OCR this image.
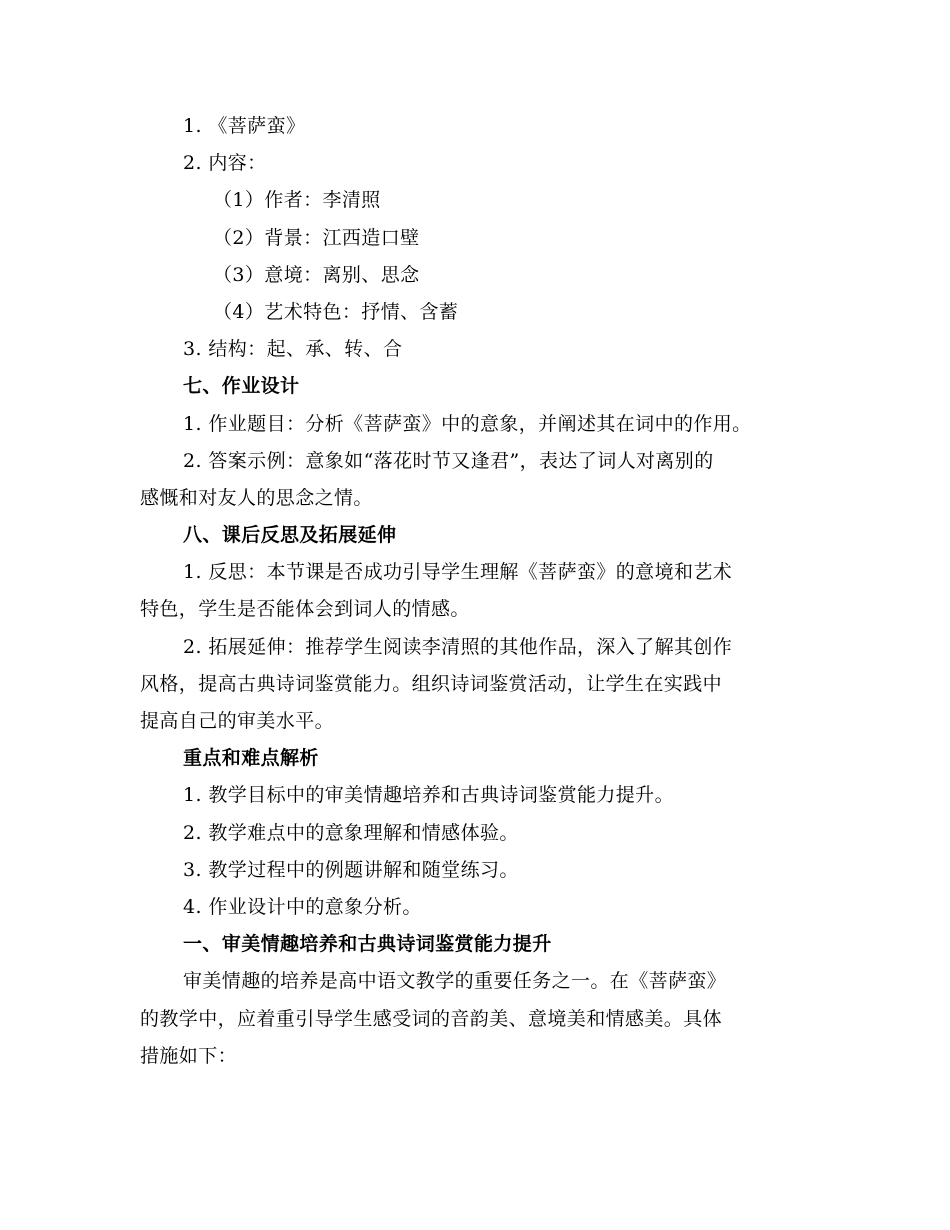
1. 《菩萨蛮》
2. 内容：
（1）作者：李清照
（2）背景：江西造口壁
（3）意境：离别、思念
（4）艺术特色：抒情、含蓄
3. 结构：起、承、转、合
七、作业设计
1. 作业题目：分析《菩萨蛮》中的意象，并阐述其在词中的作用。
2. 答案示例：意象如“落花时节又逢君”，表达了词人对离别的
感慨和对友人的思念之情。
八、课后反思及拓展延伸
1. 反思：本节课是否成功引导学生理解《菩萨蛮》的意境和艺术
特色，学生是否能体会到词人的情感。
2. 拓展延伸：推荐学生阅读李清照的其他作品，深入了解其创作
风格，提高古典诗词鉴赏能力。组织诗词鉴赏活动，让学生在实践中
提高自己的审美水平。
重点和难点解析
1. 教学目标中的审美情趣培养和古典诗词鉴赏能力提升。
2. 教学难点中的意象理解和情感体验。
3. 教学过程中的例题讲解和随堂练习。
4. 作业设计中的意象分析。
一、审美情趣培养和古典诗词鉴赏能力提升
审美情趣的培养是高中语文教学的重要任务之一。在《菩萨蛮》
的教学中，应着重引导学生感受词的音韵美、意境美和情感美。具体
措施如下：
